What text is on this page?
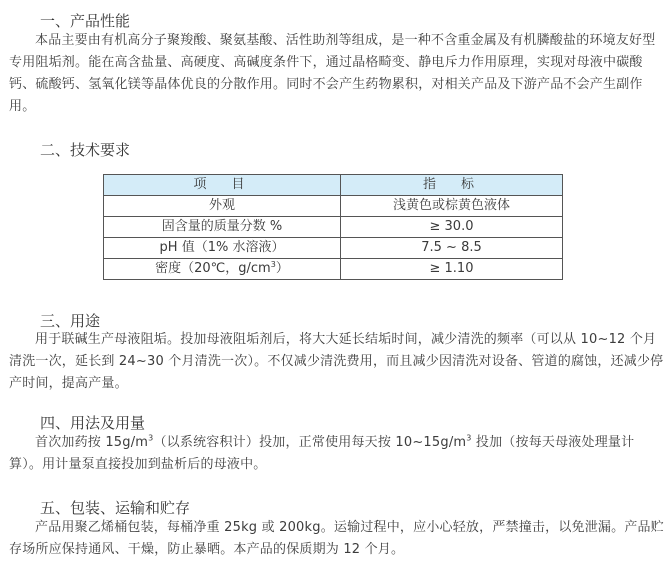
一、产品性能

本品主要由有机高分子聚羧酸、聚氨基酸、活性助剂等组成，是一种不含重金属及有机膦酸盐的环境友好型专用阻垢剂。能在高含盐量、高硬度、高碱度条件下，通过晶格畸变、静电斥力作用原理，实现对母液中碳酸钙、硫酸钙、氢氧化镁等晶体优良的分散作用。同时不会产生药物累积，对相关产品及下游产品不会产生副作用。

二、技术要求
项　目	指　标
外观	浅黄色或棕黄色液体
固含量的质量分数 %	≥ 30.0
pH 值（1% 水溶液）	7.5 ~ 8.5
密度（20℃，$g/cm^3$）	≥ 1.10
三、用途

用于联碱生产母液阻垢。投加母液阻垢剂后，将大大延长结垢时间，减少清洗的频率（可以从 10~12 个月清洗一次，延长到 24~30 个月清洗一次）。不仅减少清洗费用，而且减少因清洗对设备、管道的腐蚀，还减少停产时间，提高产量。

四、用法及用量

首次加药按 $15g/m^3$（以系统容积计）投加，正常使用每天按 $10\sim 15g/m^3$ 投加（按每天母液处理量计算）。用计量泵直接投加到盐析后的母液中。

五、包装、运输和贮存

产品用聚乙烯桶包装，每桶净重 25kg 或 200kg。运输过程中，应小心轻放，严禁撞击，以免泄漏。产品贮存场所应保持通风、干燥，防止暴晒。本产品的保质期为 12 个月。
